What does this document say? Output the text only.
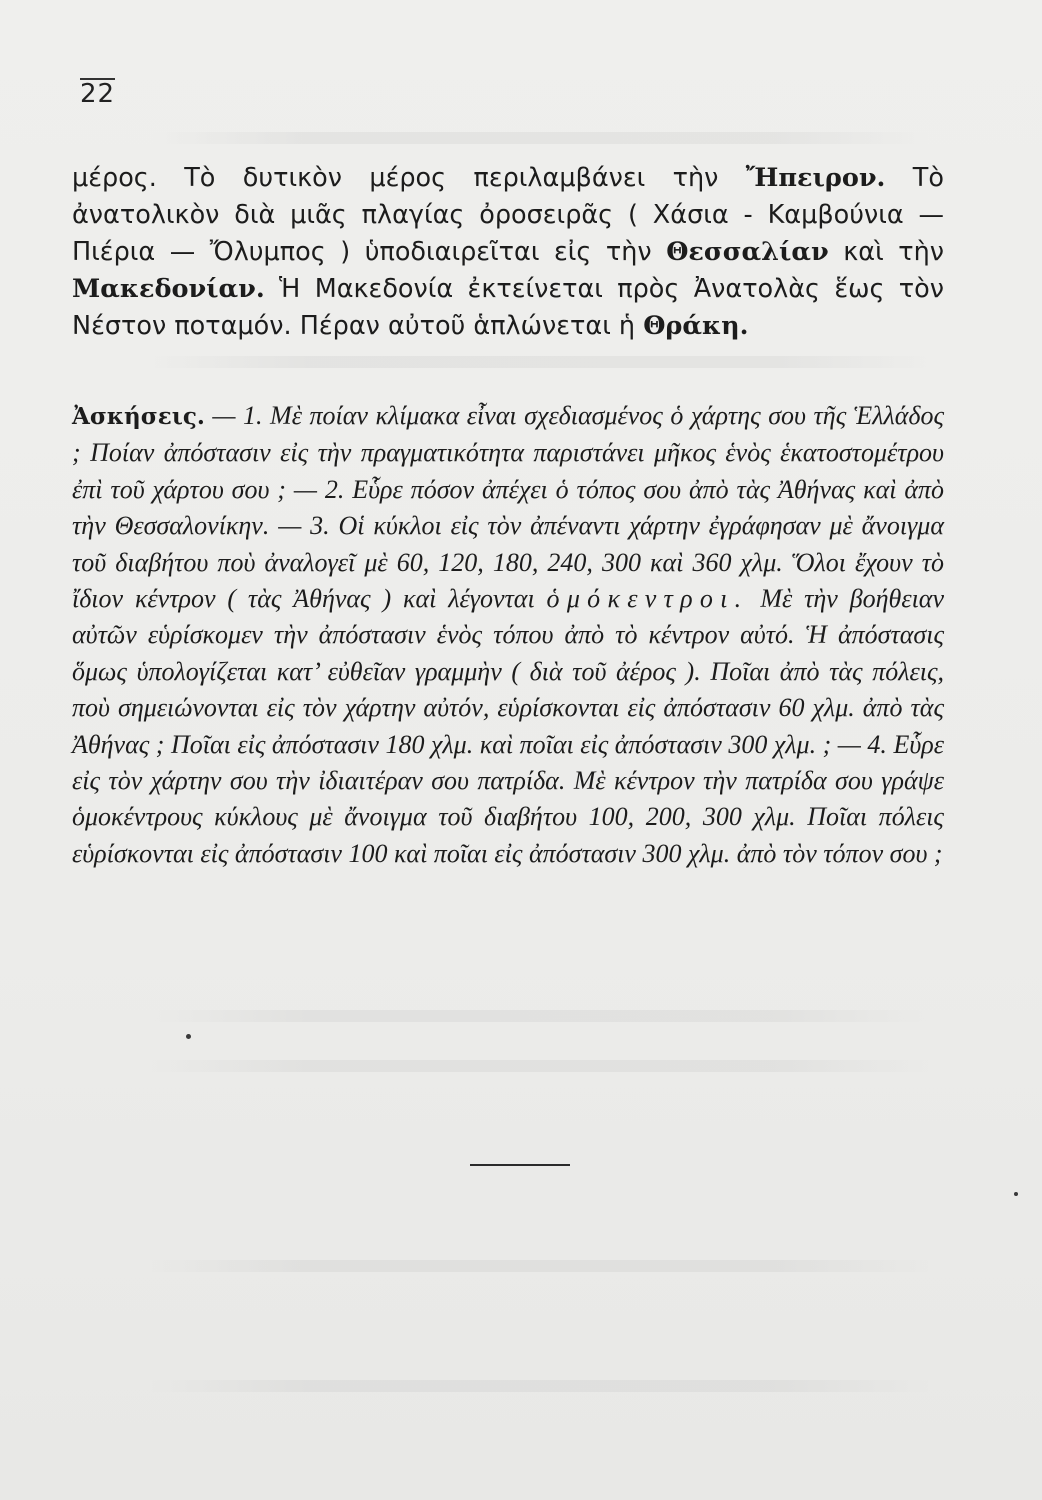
22

μέρος. Τὸ δυτικὸν μέρος περιλαμβάνει τὴν Ἤπειρον. Τὸ ἀνατολικὸν διὰ μιᾶς πλαγίας ὀροσειρᾶς ( Χάσια - Καμβούνια — Πιέρια — Ὄλυμπος ) ὑποδιαιρεῖται εἰς τὴν Θεσσαλίαν καὶ τὴν Μακεδονίαν. Ἡ Μακεδονία ἐκτείνεται πρὸς Ἀνατολὰς ἕως τὸν Νέστον ποταμόν. Πέραν αὐτοῦ ἁπλώνεται ἡ Θράκη.

Ἀσκήσεις. — 1. Μὲ ποίαν κλίμακα εἶναι σχεδιασμένος ὁ χάρτης σου τῆς Ἑλλάδος ; Ποίαν ἀπόστασιν εἰς τὴν πραγματικότητα παριστάνει μῆκος ἑνὸς ἑκατοστομέτρου ἐπὶ τοῦ χάρτου σου ; — 2. Εὗρε πόσον ἀπέχει ὁ τόπος σου ἀπὸ τὰς Ἀθήνας καὶ ἀπὸ τὴν Θεσσαλονίκην. — 3. Οἱ κύκλοι εἰς τὸν ἀπέναντι χάρτην ἐγράφησαν μὲ ἄνοιγμα τοῦ διαβήτου ποὺ ἀναλογεῖ μὲ 60, 120, 180, 240, 300 καὶ 360 χλμ. Ὅλοι ἔχουν τὸ ἴδιον κέντρον ( τὰς Ἀθήνας ) καὶ λέγονται ὁμόκεντροι. Μὲ τὴν βοήθειαν αὐτῶν εὑρίσκομεν τὴν ἀπόστασιν ἑνὸς τόπου ἀπὸ τὸ κέντρον αὐτό. Ἡ ἀπόστασις ὅμως ὑπολογίζεται κατ’ εὐθεῖαν γραμμὴν ( διὰ τοῦ ἀέρος ). Ποῖαι ἀπὸ τὰς πόλεις, ποὺ σημειώνονται εἰς τὸν χάρτην αὐτόν, εὑρίσκονται εἰς ἀπόστασιν 60 χλμ. ἀπὸ τὰς Ἀθήνας ; Ποῖαι εἰς ἀπόστασιν 180 χλμ. καὶ ποῖαι εἰς ἀπόστασιν 300 χλμ. ; — 4. Εὗρε εἰς τὸν χάρτην σου τὴν ἰδιαιτέραν σου πατρίδα. Μὲ κέντρον τὴν πατρίδα σου γράψε ὁμοκέντρους κύκλους μὲ ἄνοιγμα τοῦ διαβήτου 100, 200, 300 χλμ. Ποῖαι πόλεις εὑρίσκονται εἰς ἀπόστασιν 100 καὶ ποῖαι εἰς ἀπόστασιν 300 χλμ. ἀπὸ τὸν τόπον σου ;
